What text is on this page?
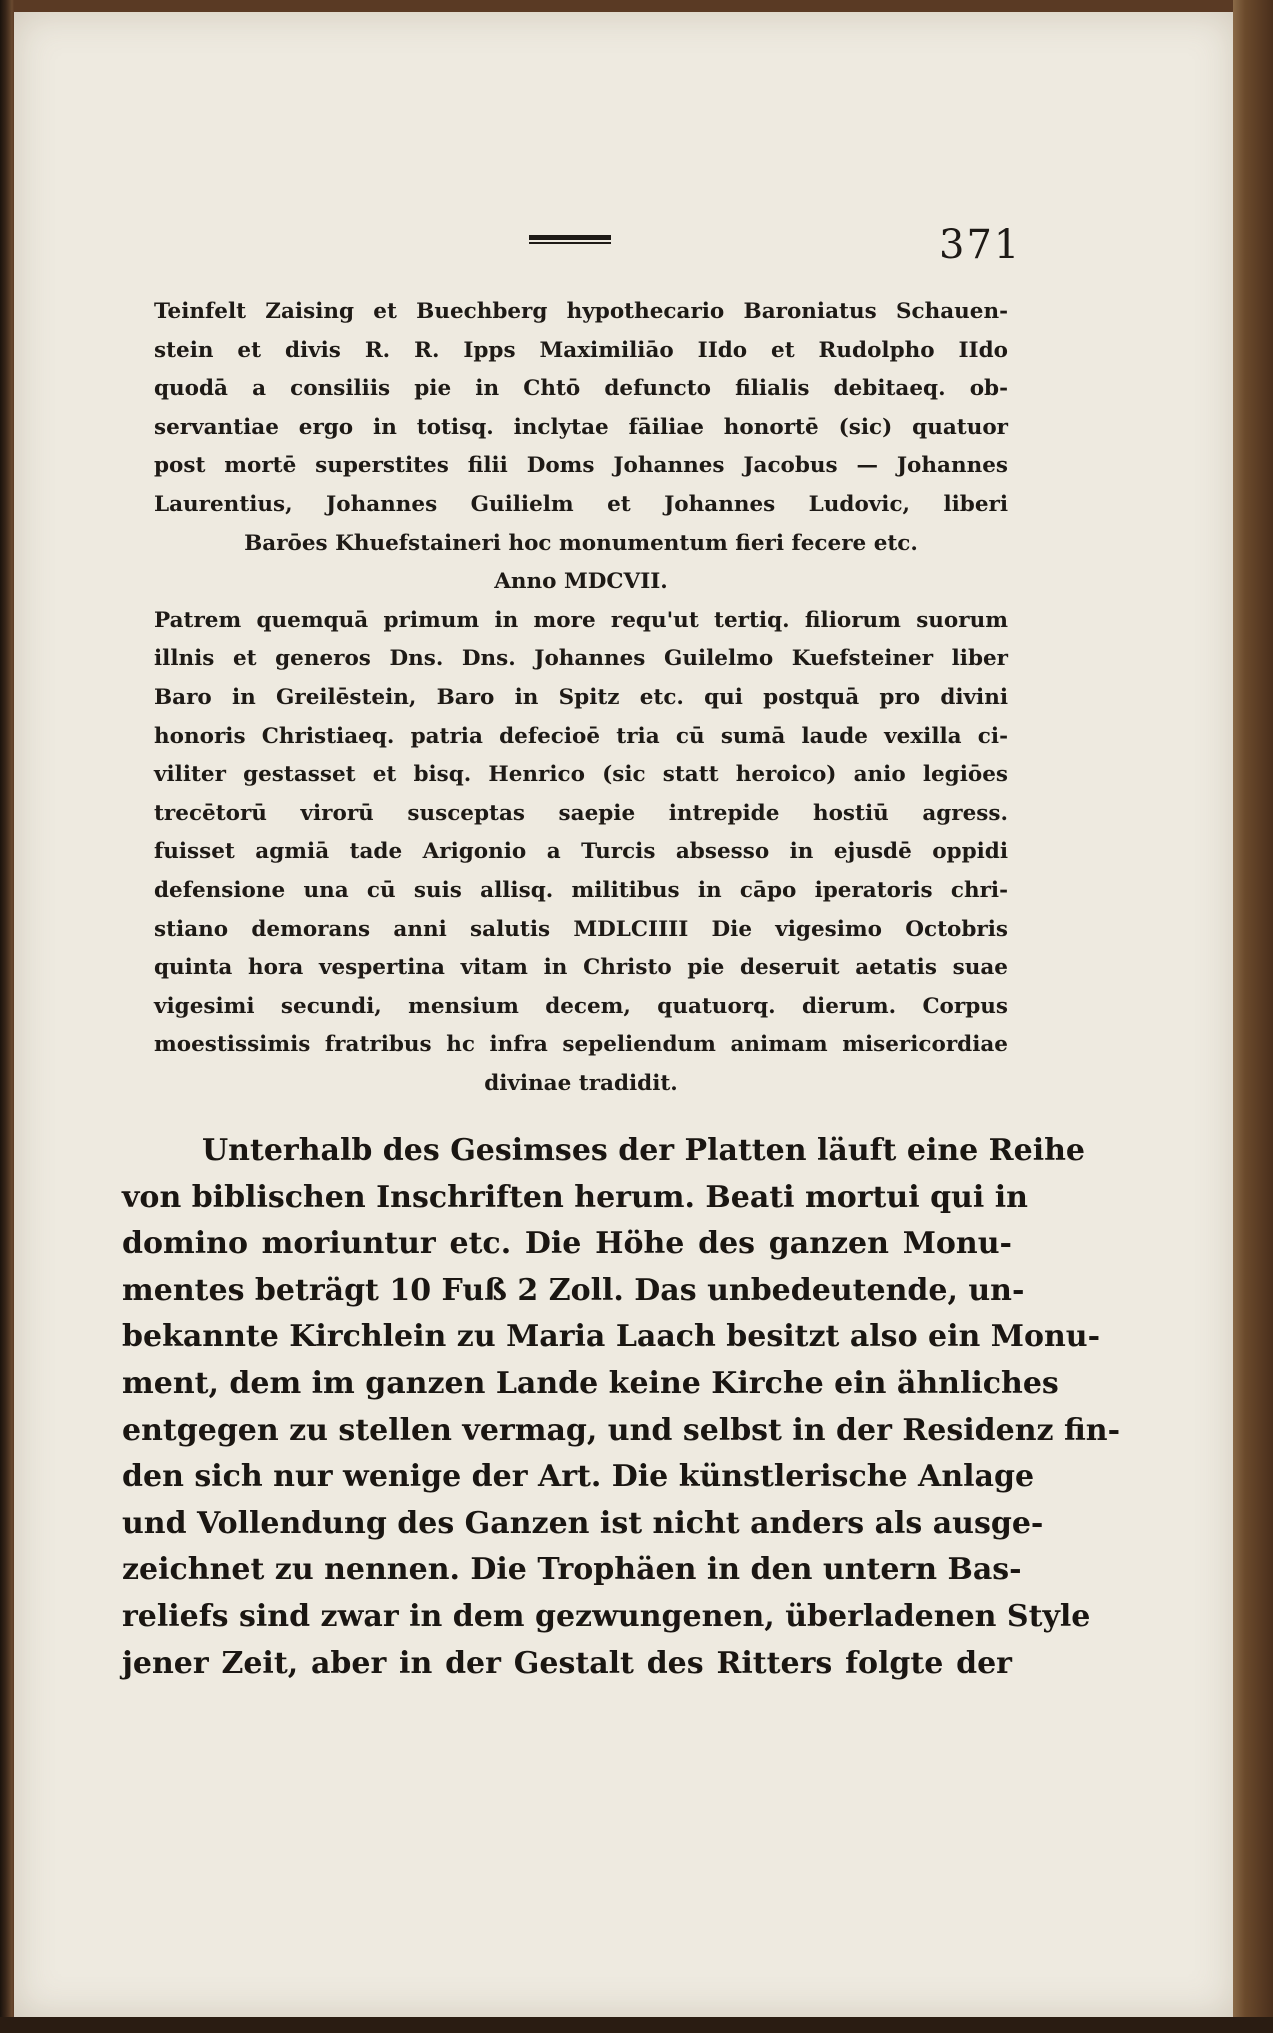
371
Teinfelt Zaising et Buechberg hypothecario Baroniatus Schauen-
stein et divis R. R. Ipps Maximiliāo IIdo et Rudolpho IIdo
quodā a consiliis pie in Chtō defuncto filialis debitaeq. ob-
servantiae ergo in totisq. inclytae fāiliae honortē (sic) quatuor
post mortē superstites filii Doms Johannes Jacobus — Johannes
Laurentius, Johannes Guilielm et Johannes Ludovic, liberi
Barōes Khuefstaineri hoc monumentum fieri fecere etc.
Anno MDCVII.
Patrem quemquā primum in more requ'ut tertiq. filiorum suorum
illnis et generos Dns. Dns. Johannes Guilelmo Kuefsteiner liber
Baro in Greilēstein, Baro in Spitz etc. qui postquā pro divini
honoris Christiaeq. patria defecioē tria cū sumā laude vexilla ci-
viliter gestasset et bisq. Henrico (sic statt heroico) anio legiōes
trecētorū virorū susceptas saepie intrepide hostiū agress.
fuisset agmiā tade Arigonio a Turcis absesso in ejusdē oppidi
defensione una cū suis allisq. militibus in cāpo iperatoris chri-
stiano demorans anni salutis MDLCIIII Die vigesimo Octobris
quinta hora vespertina vitam in Christo pie deseruit aetatis suae
vigesimi secundi, mensium decem, quatuorq. dierum. Corpus
moestissimis fratribus hc infra sepeliendum animam misericordiae
divinae tradidit.
Unterhalb des Gesimses der Platten läuft eine Reihe
von biblischen Inschriften herum. Beati mortui qui in
domino moriuntur etc. Die Höhe des ganzen Monu-
mentes beträgt 10 Fuß 2 Zoll. Das unbedeutende, un-
bekannte Kirchlein zu Maria Laach besitzt also ein Monu-
ment, dem im ganzen Lande keine Kirche ein ähnliches
entgegen zu stellen vermag, und selbst in der Residenz fin-
den sich nur wenige der Art. Die künstlerische Anlage
und Vollendung des Ganzen ist nicht anders als ausge-
zeichnet zu nennen. Die Trophäen in den untern Bas-
reliefs sind zwar in dem gezwungenen, überladenen Style
jener Zeit, aber in der Gestalt des Ritters folgte der
